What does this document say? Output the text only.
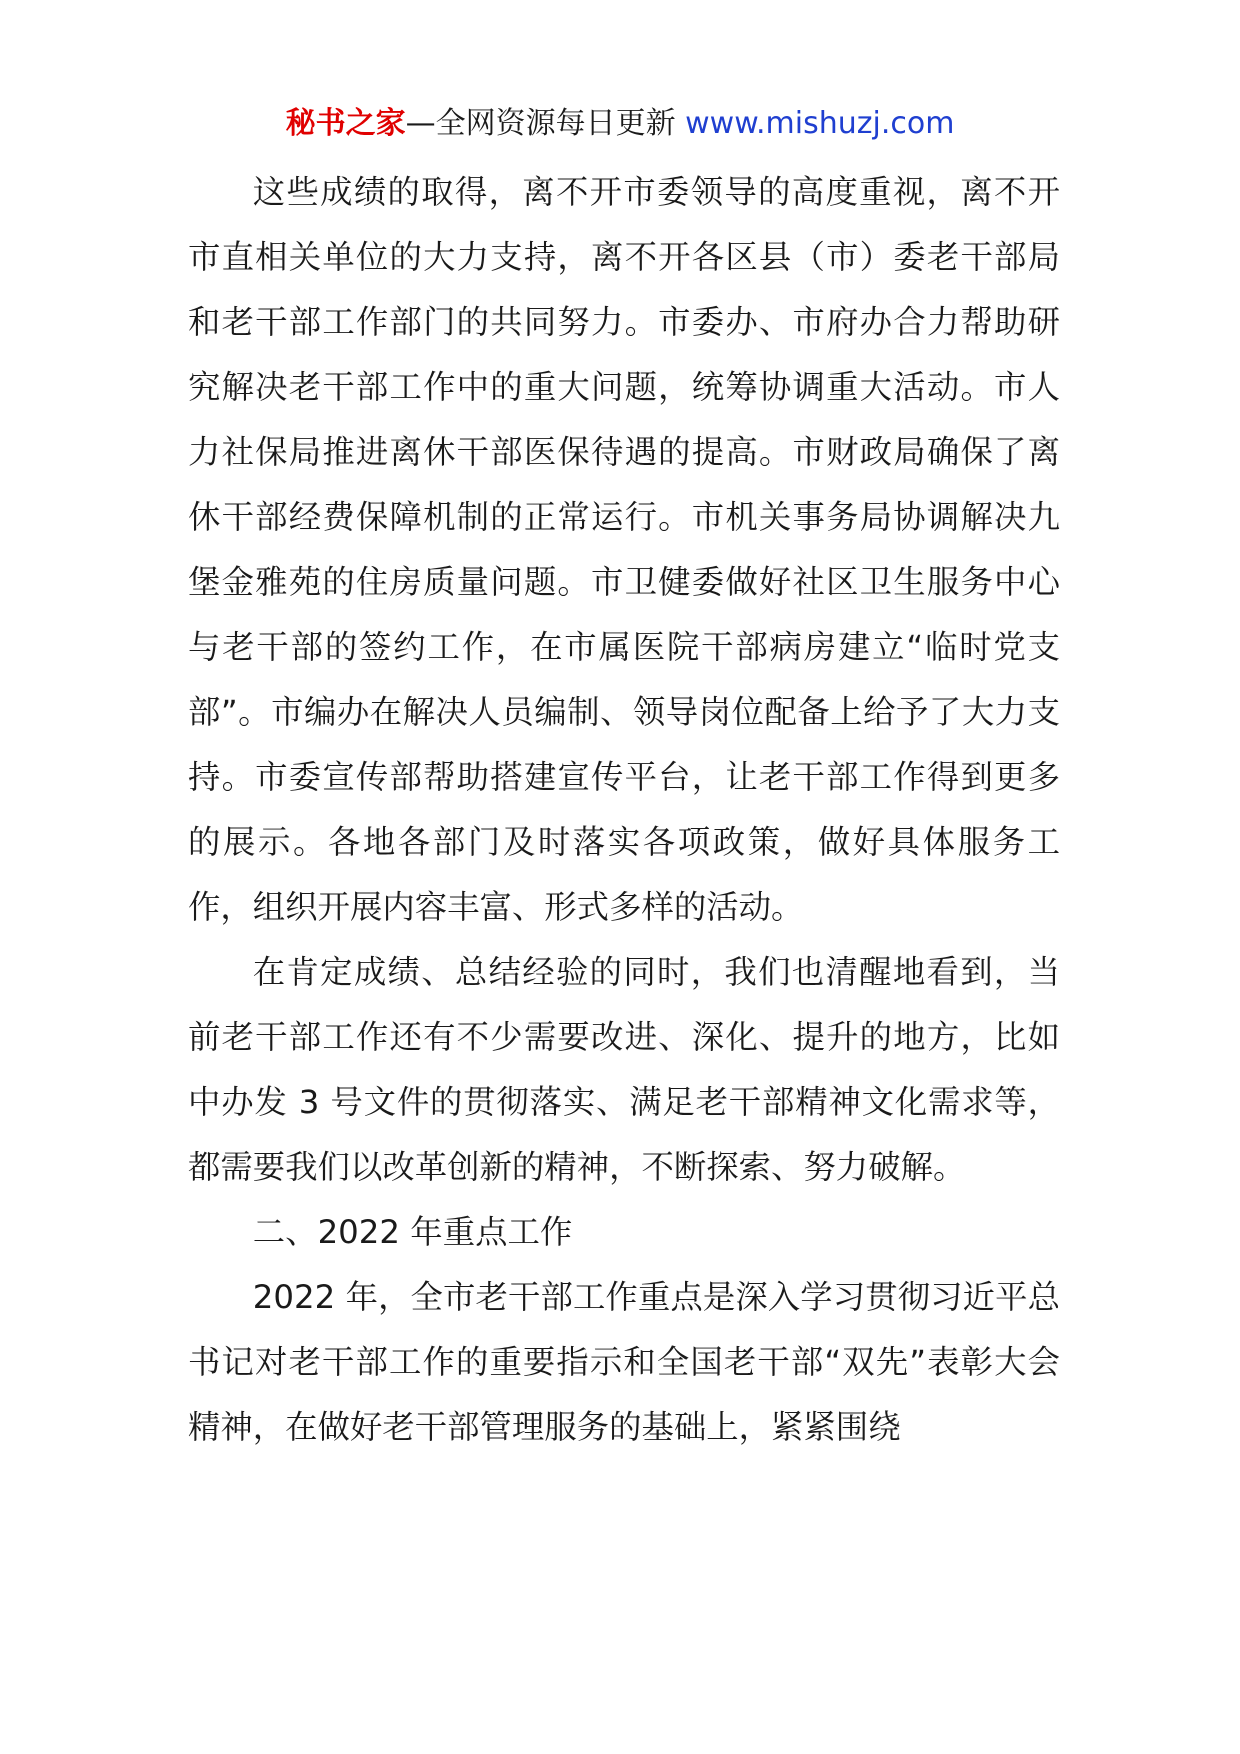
秘书之家—全网资源每日更新 www.mishuzj.com

这些成绩的取得，离不开市委领导的高度重视，离不开市直相关单位的大力支持，离不开各区县（市）委老干部局和老干部工作部门的共同努力。市委办、市府办合力帮助研究解决老干部工作中的重大问题，统筹协调重大活动。市人力社保局推进离休干部医保待遇的提高。市财政局确保了离休干部经费保障机制的正常运行。市机关事务局协调解决九堡金雅苑的住房质量问题。市卫健委做好社区卫生服务中心与老干部的签约工作，在市属医院干部病房建立“临时党支部”。市编办在解决人员编制、领导岗位配备上给予了大力支持。市委宣传部帮助搭建宣传平台，让老干部工作得到更多的展示。各地各部门及时落实各项政策，做好具体服务工作，组织开展内容丰富、形式多样的活动。

在肯定成绩、总结经验的同时，我们也清醒地看到，当前老干部工作还有不少需要改进、深化、提升的地方，比如中办发 3 号文件的贯彻落实、满足老干部精神文化需求等，都需要我们以改革创新的精神，不断探索、努力破解。

二、2022 年重点工作

2022 年，全市老干部工作重点是深入学习贯彻习近平总书记对老干部工作的重要指示和全国老干部“双先”表彰大会精神，在做好老干部管理服务的基础上，紧紧围绕
